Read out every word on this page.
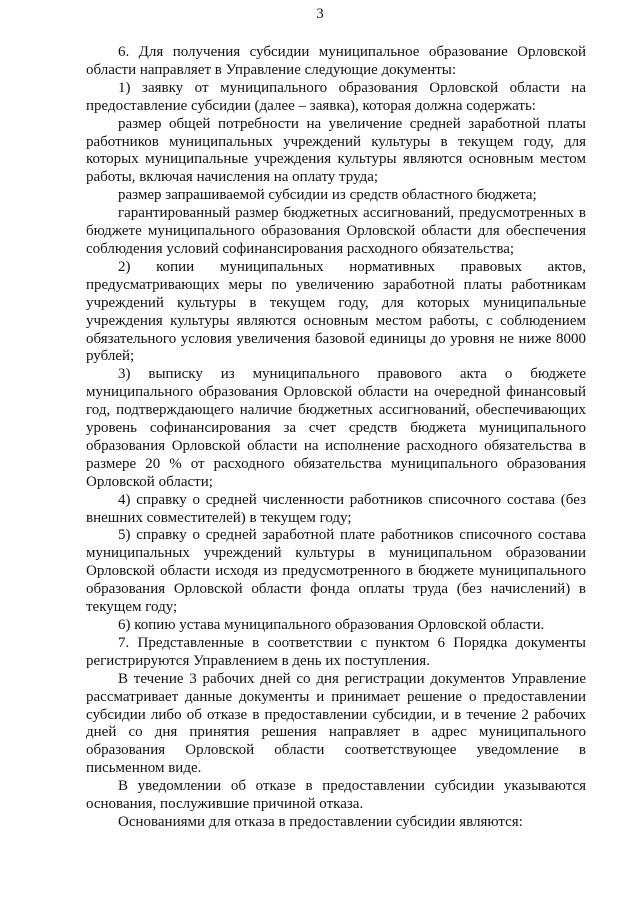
3

6. Для получения субсидии муниципальное образование Орловской области направляет в Управление следующие документы:

1) заявку от муниципального образования Орловской области на предоставление субсидии (далее – заявка), которая должна содержать:

размер общей потребности на увеличение средней заработной платы работников муниципальных учреждений культуры в текущем году, для которых муниципальные учреждения культуры являются основным местом работы, включая начисления на оплату труда;

размер запрашиваемой субсидии из средств областного бюджета;

гарантированный размер бюджетных ассигнований, предусмотренных в бюджете муниципального образования Орловской области для обеспечения соблюдения условий софинансирования расходного обязательства;

2) копии муниципальных нормативных правовых актов, предусматривающих меры по увеличению заработной платы работникам учреждений культуры в текущем году, для которых муниципальные учреждения культуры являются основным местом работы, с соблюдением обязательного условия увеличения базовой единицы до уровня не ниже 8000 рублей;

3) выписку из муниципального правового акта о бюджете муниципального образования Орловской области на очередной финансовый год, подтверждающего наличие бюджетных ассигнований, обеспечивающих уровень софинансирования за счет средств бюджета муниципального образования Орловской области на исполнение расходного обязательства в размере 20 % от расходного обязательства муниципального образования Орловской области;

4) справку о средней численности работников списочного состава (без внешних совместителей) в текущем году;

5) справку о средней заработной плате работников списочного состава муниципальных учреждений культуры в муниципальном образовании Орловской области исходя из предусмотренного в бюджете муниципального образования Орловской области фонда оплаты труда (без начислений) в текущем году;

6) копию устава муниципального образования Орловской области.

7. Представленные в соответствии с пунктом 6 Порядка документы регистрируются Управлением в день их поступления.

В течение 3 рабочих дней со дня регистрации документов Управление рассматривает данные документы и принимает решение о предоставлении субсидии либо об отказе в предоставлении субсидии, и в течение 2 рабочих дней со дня принятия решения направляет в адрес муниципального образования Орловской области соответствующее уведомление в письменном виде.

В уведомлении об отказе в предоставлении субсидии указываются основания, послужившие причиной отказа.

Основаниями для отказа в предоставлении субсидии являются:
